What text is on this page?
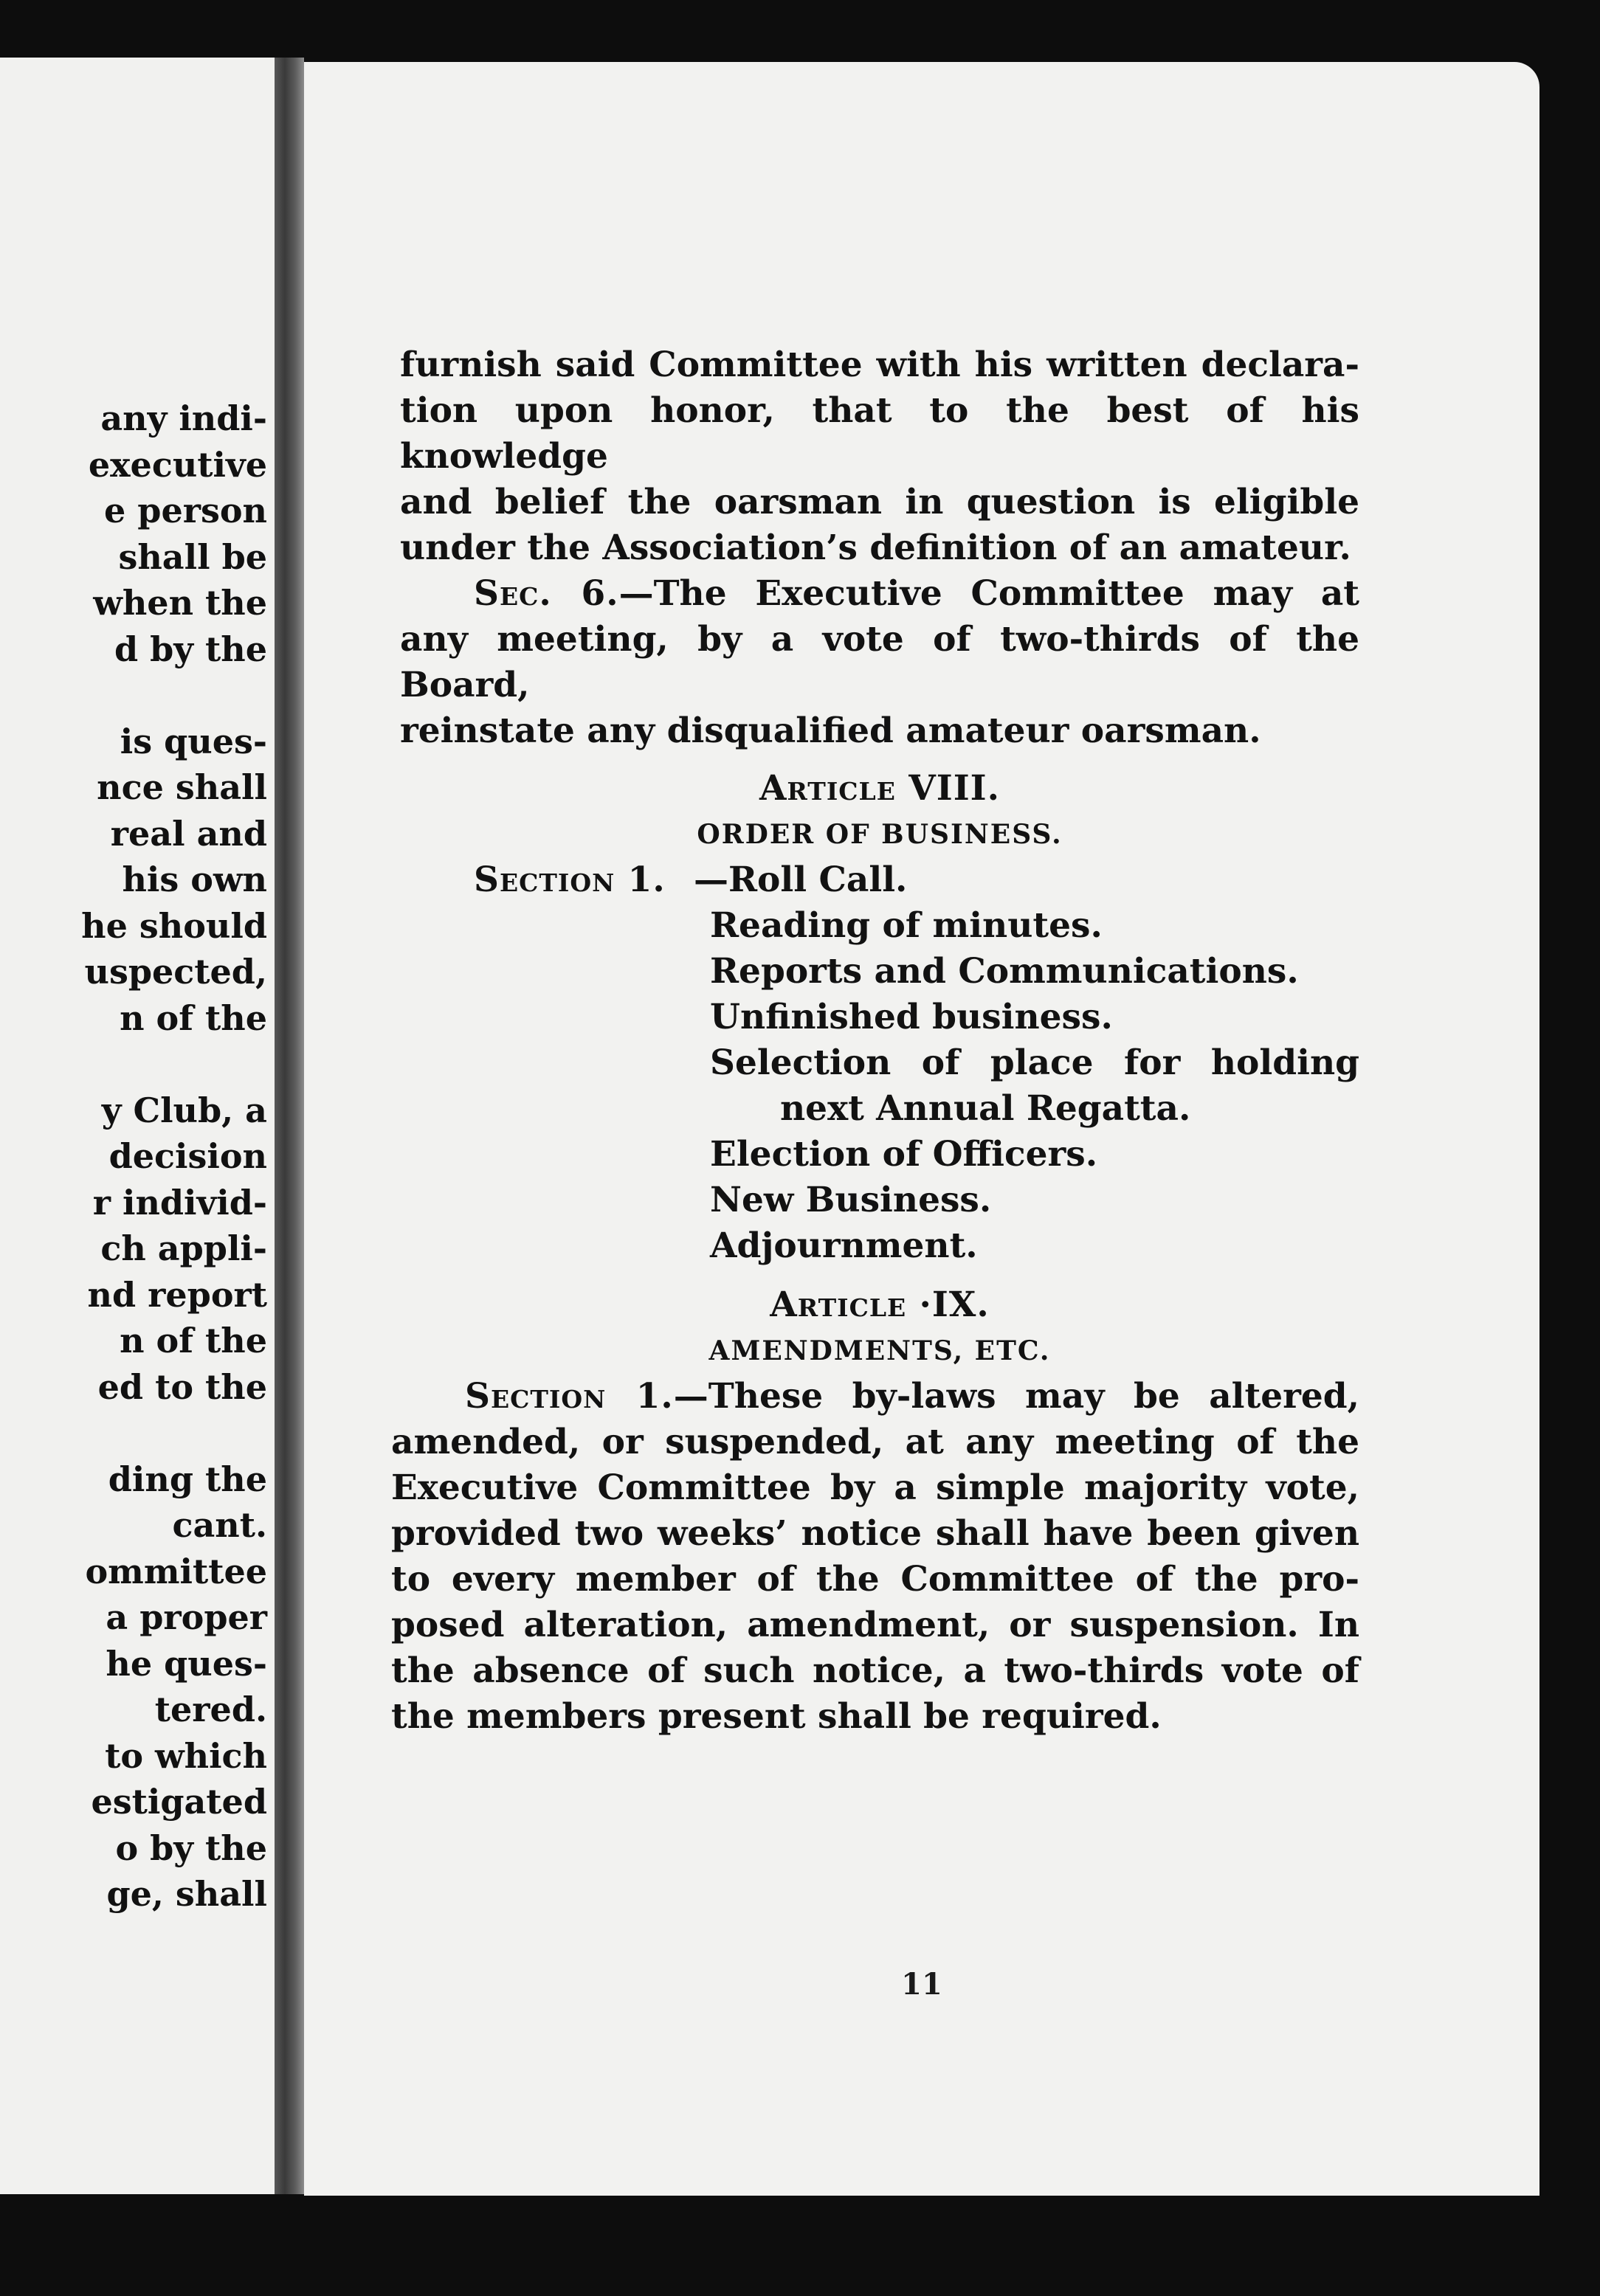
any indi-
executive
e person
shall be
when the
d by the
is ques-
nce shall
real and
his own
he should
uspected,
n of the
y Club, a
decision
r individ-
ch appli-
nd report
n of the
ed to the
ding the
cant.
ommittee
a proper
he ques-
tered.
to which
estigated
o by the
ge, shall

furnish said Committee with his written declara-
tion upon honor, that to the best of his knowledge
and belief the oarsman in question is eligible
under the Association’s definition of an amateur.

Sec. 6.—The Executive Committee may at
any meeting, by a vote of two-thirds of the Board,
reinstate any disqualified amateur oarsman.

Article VIII.
ORDER OF BUSINESS.
Section 1. —Roll Call.
Reading of minutes.
Reports and Communications.
Unfinished business.
Selection of place for holding
next Annual Regatta.
Election of Officers.
New Business.
Adjournment.
Article ·IX.
AMENDMENTS, ETC.

Section 1.—These by-laws may be altered,
amended, or suspended, at any meeting of the
Executive Committee by a simple majority vote,
provided two weeks’ notice shall have been given
to every member of the Committee of the pro-
posed alteration, amendment, or suspension. In
the absence of such notice, a two-thirds vote of
the members present shall be required.

11
